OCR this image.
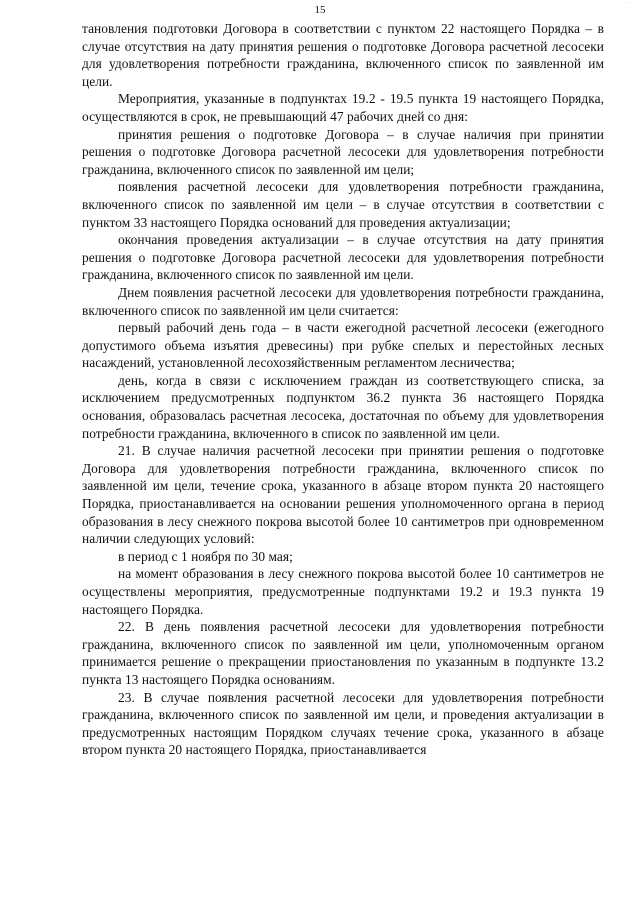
· · ·
15

тановления подготовки Договора в соответствии с пунктом 22 настоящего Порядка – в случае отсутствия на дату принятия решения о подготовке Договора расчетной лесосеки для удовлетворения потребности гражданина, включенного список по заявленной им цели.

Мероприятия, указанные в подпунктах 19.2 - 19.5 пункта 19 настоящего Порядка, осуществляются в срок, не превышающий 47 рабочих дней со дня:

принятия решения о подготовке Договора – в случае наличия при принятии решения о подготовке Договора расчетной лесосеки для удовлетворения потребности гражданина, включенного список по заявленной им цели;

появления расчетной лесосеки для удовлетворения потребности гражданина, включенного список по заявленной им цели – в случае отсутствия в соответствии с пунктом 33 настоящего Порядка оснований для проведения актуализации;

окончания проведения актуализации – в случае отсутствия на дату принятия решения о подготовке Договора расчетной лесосеки для удовлетворения потребности гражданина, включенного список по заявленной им цели.

Днем появления расчетной лесосеки для удовлетворения потребности гражданина, включенного список по заявленной им цели считается:

первый рабочий день года – в части ежегодной расчетной лесосеки (ежегодного допустимого объема изъятия древесины) при рубке спелых и перестойных лесных насаждений, установленной лесохозяйственным регламентом лесничества;

день, когда в связи с исключением граждан из соответствующего списка, за исключением предусмотренных подпунктом 36.2 пункта 36 настоящего Порядка основания, образовалась расчетная лесосека, достаточная по объему для удовлетворения потребности гражданина, включенного в список по заявленной им цели.

21. В случае наличия расчетной лесосеки при принятии решения о подготовке Договора для удовлетворения потребности гражданина, включенного список по заявленной им цели, течение срока, указанного в абзаце втором пункта 20 настоящего Порядка, приостанавливается на основании решения уполномоченного органа в период образования в лесу снежного покрова высотой более 10 сантиметров при одновременном наличии следующих условий:

в период с 1 ноября по 30 мая;

на момент образования в лесу снежного покрова высотой более 10 сантиметров не осуществлены мероприятия, предусмотренные подпунктами 19.2 и 19.3 пункта 19 настоящего Порядка.

22. В день появления расчетной лесосеки для удовлетворения потребности гражданина, включенного список по заявленной им цели, уполномоченным органом принимается решение о прекращении приостановления по указанным в подпункте 13.2 пункта 13 настоящего Порядка основаниям.

23. В случае появления расчетной лесосеки для удовлетворения потребности гражданина, включенного список по заявленной им цели, и проведения актуализации в предусмотренных настоящим Порядком случаях течение срока, указанного в абзаце втором пункта 20 настоящего Порядка, приостанавливается

· · ·
